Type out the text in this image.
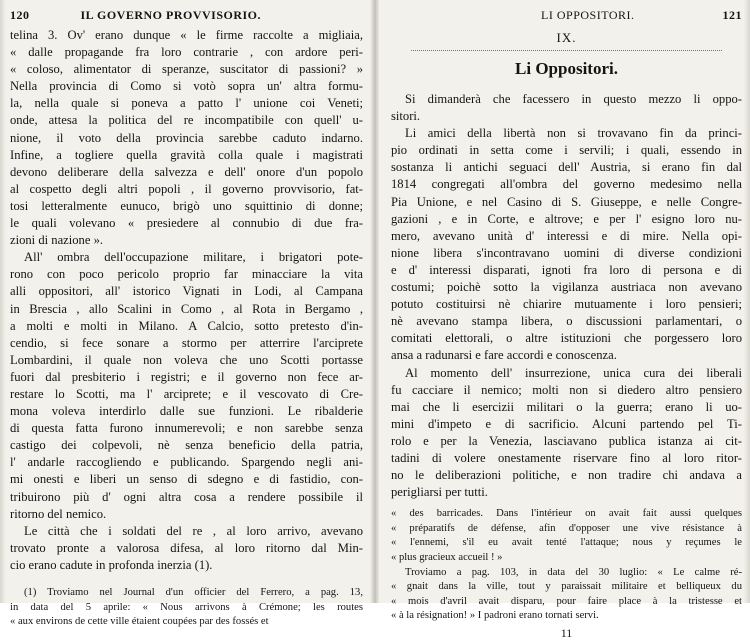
120	IL GOVERNO PROVVISORIO.
telina 3. Ov' erano dunque « le firme raccolte a migliaia,
« dalle propagande fra loro contrarie , con ardore peri-
« coloso, alimentator di speranze, suscitator di passioni? »
Nella provincia di Como si votò sopra un' altra formu-
la, nella quale si poneva a patto l' unione coi Veneti;
onde, attesa la politica del re incompatibile con quell' u-
nione, il voto della provincia sarebbe caduto indarno.
Infine, a togliere quella gravità colla quale i magistrati
devono deliberare della salvezza e dell' onore d'un popolo
al cospetto degli altri popoli , il governo provvisorio, fat-
tosi letteralmente eunuco, brigò uno squittinio di donne;
le quali volevano « presiedere al connubio di due fra-
zioni di nazione ».
All' ombra dell'occupazione militare, i brigatori pote-
rono con poco pericolo proprio far minacciare la vita
alli oppositori, all' istorico Vignati in Lodi, al Campana
in Brescia , allo Scalini in Como , al Rota in Bergamo ,
a molti e molti in Milano. A Calcio, sotto pretesto d'in-
cendio, si fece sonare a stormo per atterrire l'arciprete
Lombardini, il quale non voleva che uno Scotti portasse
fuori dal presbiterio i registri; e il governo non fece ar-
restare lo Scotti, ma l' arciprete; e il vescovato di Cre-
mona voleva interdirlo dalle sue funzioni. Le ribalderie
di questa fatta furono innumerevoli; e non sarebbe senza
castigo dei colpevoli, nè senza beneficio della patria,
l' andarle raccogliendo e publicando. Spargendo negli ani-
mi onesti e liberi un senso di sdegno e di fastidio, con-
tribuirono più d' ogni altra cosa a rendere possibile il
ritorno del nemico.
Le città che i soldati del re , al loro arrivo, avevano
trovato pronte a valorosa difesa, al loro ritorno dal Min-
cio erano cadute in profonda inerzia (1).
(1) Troviamo nel Journal d'un officier del Ferrero, a pag. 13,
in data del 5 aprile: « Nous arrivons à Crémone; les routes
« aux environs de cette ville étaient coupées par des fossés et
LI OPPOSITORI.	121
IX.
Li Oppositori.
Si dimanderà che facessero in questo mezzo li oppo-
sitori.
Li amici della libertà non si trovavano fin da princi-
pio ordinati in setta come i servili; i quali, essendo in
sostanza li antichi seguaci dell' Austria, si erano fin dal
1814 congregati all'ombra del governo medesimo nella
Pia Unione, e nel Casino di S. Giuseppe, e nelle Congre-
gazioni , e in Corte, e altrove; e per l' esigno loro nu-
mero, avevano unità d' interessi e di mire. Nella opi-
nione libera s'incontravano uomini di diverse condizioni
e d' interessi disparati, ignoti fra loro di persona e di
costumi; poichè sotto la vigilanza austriaca non avevano
potuto costituirsi nè chiarire mutuamente i loro pensieri;
nè avevano stampa libera, o discussioni parlamentari, o
comitati elettorali, o altre istituzioni che porgessero loro
ansa a radunarsi e fare accordi e conoscenza.
Al momento dell' insurrezione, unica cura dei liberali
fu cacciare il nemico; molti non si diedero altro pensiero
mai che li esercizii militari o la guerra; erano li uo-
mini d'impeto e di sacrificio. Alcuni partendo pel Ti-
rolo e per la Venezia, lasciavano publica istanza ai cit-
tadini di volere onestamente riservare fino al loro ritor-
no le deliberazioni politiche, e non tradire chi andava a
perigliarsi per tutti.
« des barricades. Dans l'intérieur on avait fait aussi quelques
« préparatifs de défense, afin d'opposer une vive résistance à
« l'ennemi, s'il eu avait tenté l'attaque; nous y reçumes le
« plus gracieux accueil ! »
Troviamo a pag. 103, in data del 30 luglio: « Le calme ré-
« gnait dans la ville, tout y paraissait militaire et belliqueux du
« mois d'avril avait disparu, pour faire place à la tristesse et
« à la résignation! » I padroni erano tornati servi.
11
